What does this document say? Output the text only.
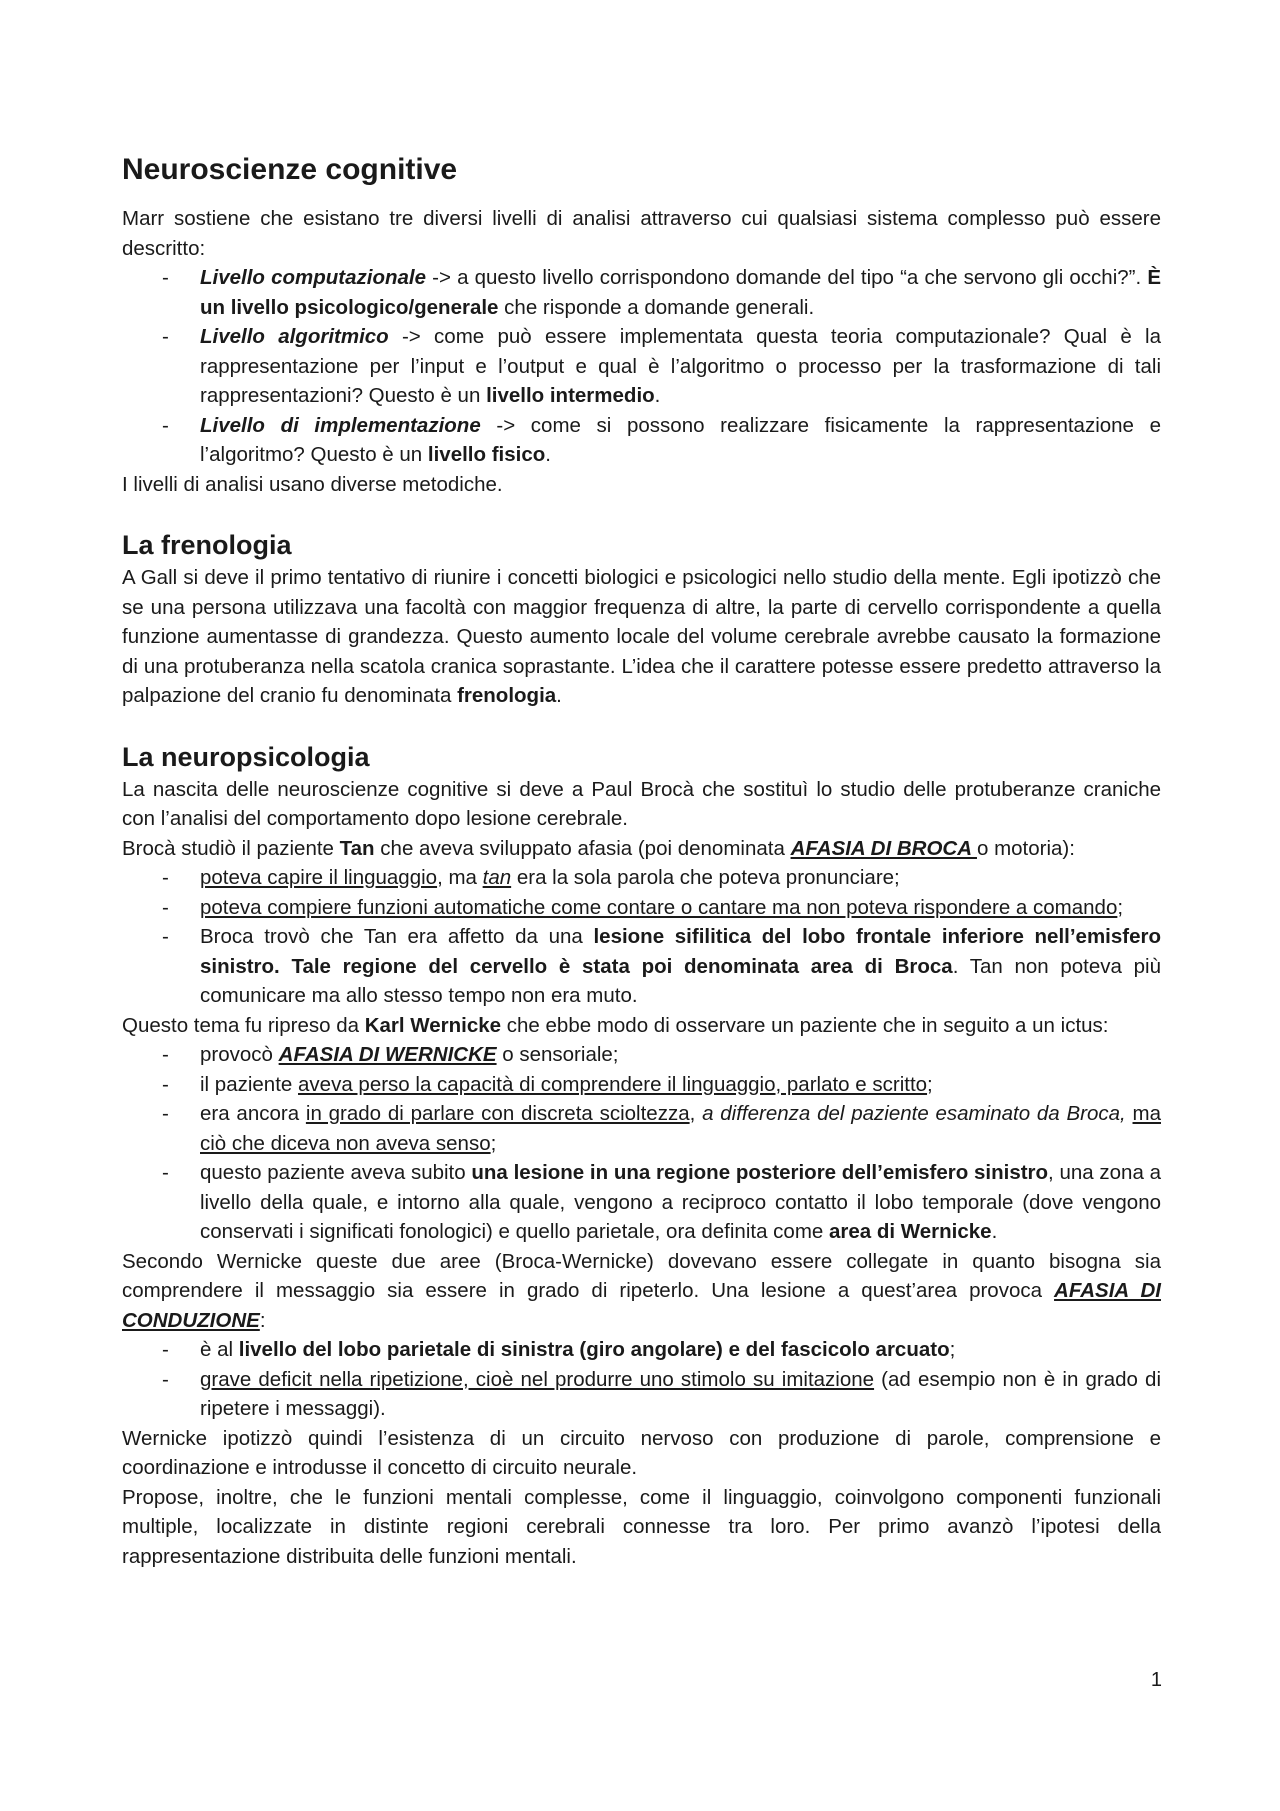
Neuroscienze cognitive

Marr sostiene che esistano tre diversi livelli di analisi attraverso cui qualsiasi sistema complesso può essere descritto:

- Livello computazionale -> a questo livello corrispondono domande del tipo “a che servono gli occhi?”. È un livello psicologico/generale che risponde a domande generali.
- Livello algoritmico -> come può essere implementata questa teoria computazionale? Qual è la rappresentazione per l’input e l’output e qual è l’algoritmo o processo per la trasformazione di tali rappresentazioni? Questo è un livello intermedio.
- Livello di implementazione -> come si possono realizzare fisicamente la rappresentazione e l’algoritmo? Questo è un livello fisico.

I livelli di analisi usano diverse metodiche.

La frenologia

A Gall si deve il primo tentativo di riunire i concetti biologici e psicologici nello studio della mente. Egli ipotizzò che se una persona utilizzava una facoltà con maggior frequenza di altre, la parte di cervello corrispondente a quella funzione aumentasse di grandezza. Questo aumento locale del volume cerebrale avrebbe causato la formazione di una protuberanza nella scatola cranica soprastante. L’idea che il carattere potesse essere predetto attraverso la palpazione del cranio fu denominata frenologia.

La neuropsicologia

La nascita delle neuroscienze cognitive si deve a Paul Brocà che sostituì lo studio delle protuberanze craniche con l’analisi del comportamento dopo lesione cerebrale.

Brocà studiò il paziente Tan che aveva sviluppato afasia (poi denominata AFASIA DI BROCA o motoria):

- poteva capire il linguaggio, ma tan era la sola parola che poteva pronunciare;
- poteva compiere funzioni automatiche come contare o cantare ma non poteva rispondere a comando;
- Broca trovò che Tan era affetto da una lesione sifilitica del lobo frontale inferiore nell’emisfero sinistro. Tale regione del cervello è stata poi denominata area di Broca. Tan non poteva più comunicare ma allo stesso tempo non era muto.

Questo tema fu ripreso da Karl Wernicke che ebbe modo di osservare un paziente che in seguito a un ictus:

- provocò AFASIA DI WERNICKE o sensoriale;
- il paziente aveva perso la capacità di comprendere il linguaggio, parlato e scritto;
- era ancora in grado di parlare con discreta scioltezza, a differenza del paziente esaminato da Broca, ma ciò che diceva non aveva senso;
- questo paziente aveva subito una lesione in una regione posteriore dell’emisfero sinistro, una zona a livello della quale, e intorno alla quale, vengono a reciproco contatto il lobo temporale (dove vengono conservati i significati fonologici) e quello parietale, ora definita come area di Wernicke.

Secondo Wernicke queste due aree (Broca-Wernicke) dovevano essere collegate in quanto bisogna sia comprendere il messaggio sia essere in grado di ripeterlo. Una lesione a quest’area provoca AFASIA DI CONDUZIONE:

- è al livello del lobo parietale di sinistra (giro angolare) e del fascicolo arcuato;
- grave deficit nella ripetizione, cioè nel produrre uno stimolo su imitazione (ad esempio non è in grado di ripetere i messaggi).

Wernicke ipotizzò quindi l’esistenza di un circuito nervoso con produzione di parole, comprensione e coordinazione e introdusse il concetto di circuito neurale.

Propose, inoltre, che le funzioni mentali complesse, come il linguaggio, coinvolgono componenti funzionali multiple, localizzate in distinte regioni cerebrali connesse tra loro. Per primo avanzò l’ipotesi della rappresentazione distribuita delle funzioni mentali.

1
